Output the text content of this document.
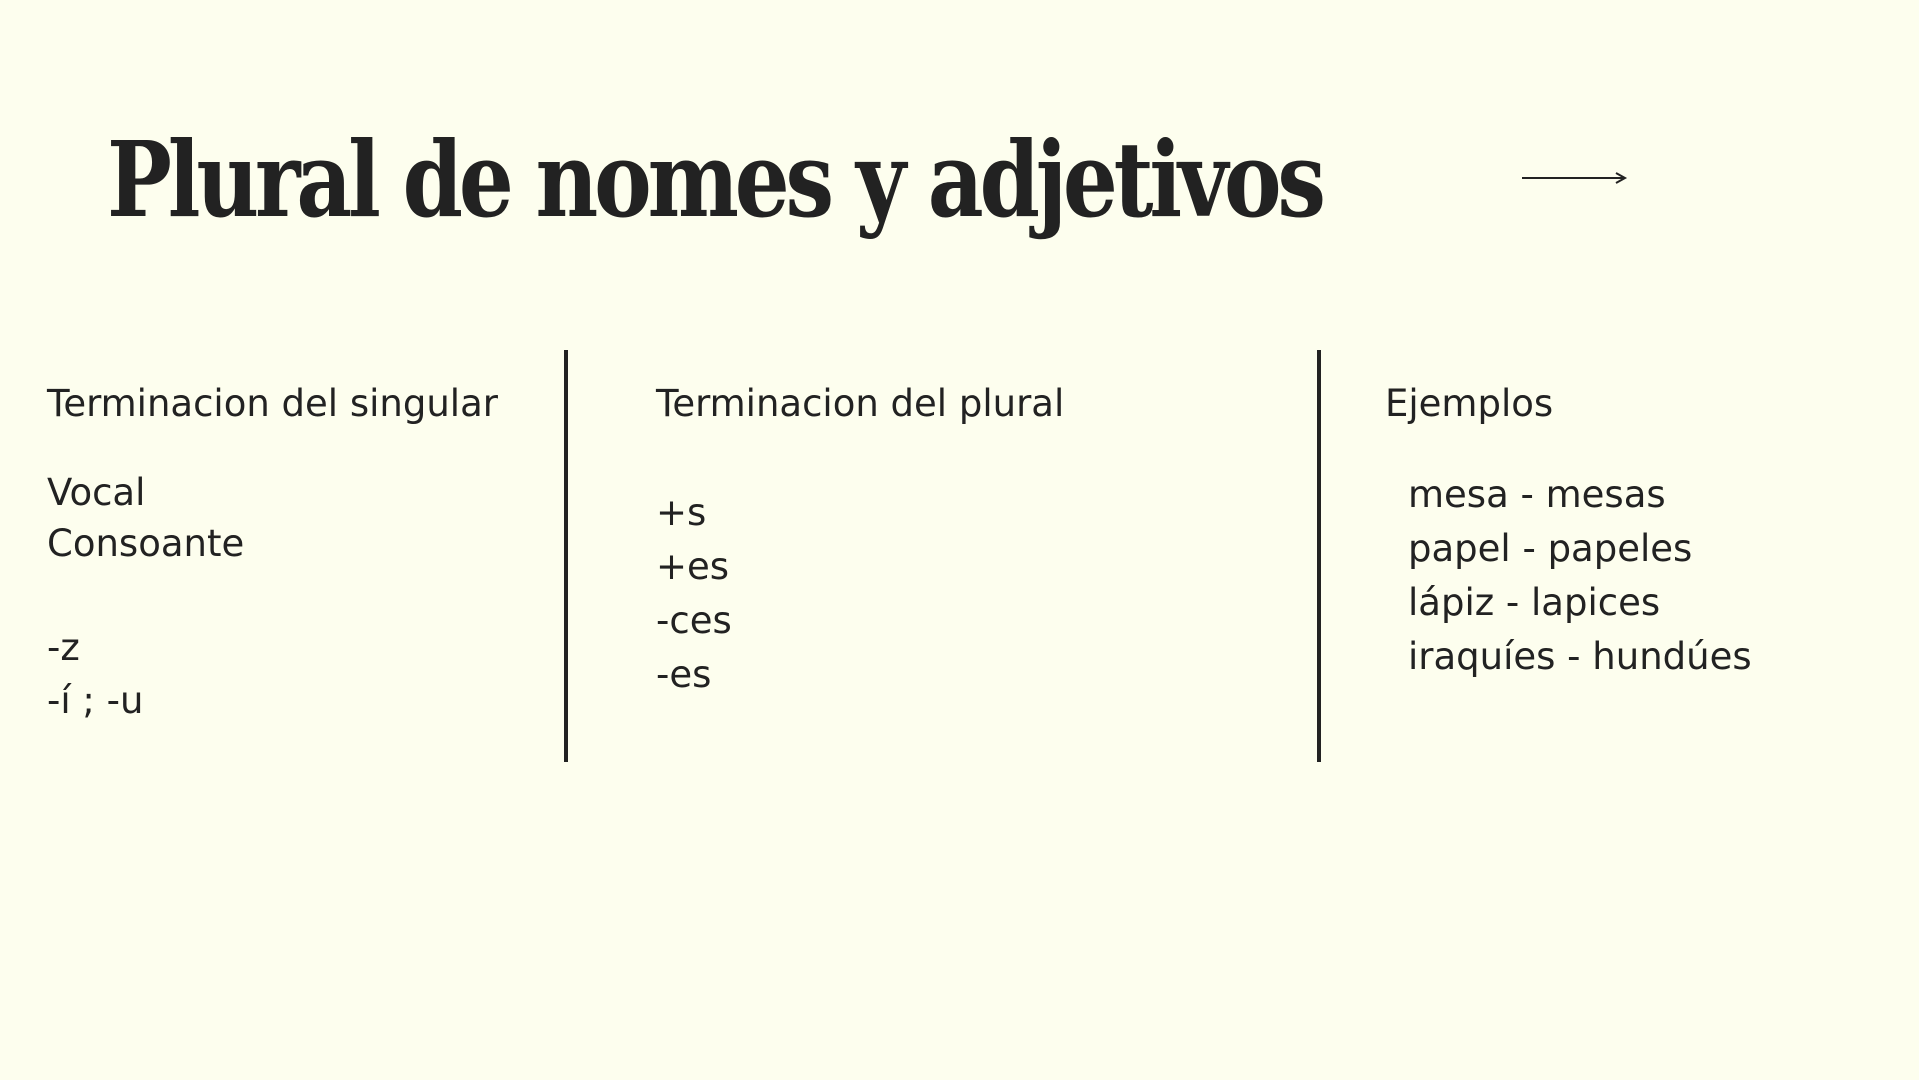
Plural de nomes y adjetivos
Terminacion del singular
Vocal
Consoante
-z
-í ; -u
Terminacion del plural
+s
+es
-ces
-es
Ejemplos
mesa - mesas
papel - papeles
lápiz - lapices
iraquíes - hundúes
